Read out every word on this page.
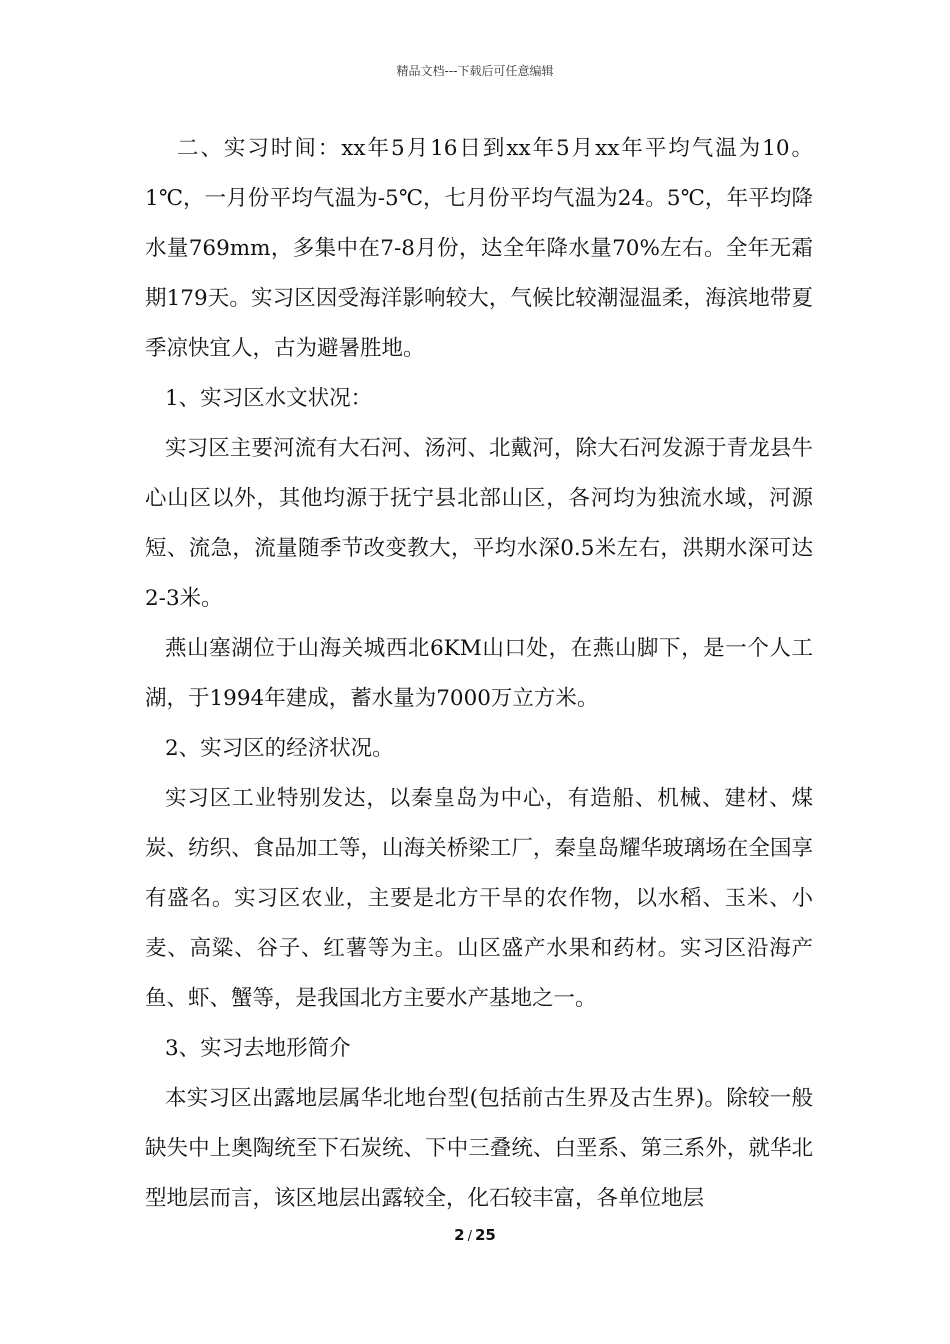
精品文档---下载后可任意编辑

二、实习时间：xx年5月16日到xx年5月xx年平均气温为10。1℃，一月份平均气温为-5℃，七月份平均气温为24。5℃，年平均降水量769mm，多集中在7-8月份，达全年降水量70%左右。全年无霜期179天。实习区因受海洋影响较大，气候比较潮湿温柔，海滨地带夏季凉快宜人，古为避暑胜地。

1、实习区水文状况：

实习区主要河流有大石河、汤河、北戴河，除大石河发源于青龙县牛心山区以外，其他均源于抚宁县北部山区，各河均为独流水域，河源短、流急，流量随季节改变教大，平均水深0.5米左右，洪期水深可达2-3米。

燕山塞湖位于山海关城西北6KM山口处，在燕山脚下，是一个人工湖，于1994年建成，蓄水量为7000万立方米。

2、实习区的经济状况。

实习区工业特别发达，以秦皇岛为中心，有造船、机械、建材、煤炭、纺织、食品加工等，山海关桥梁工厂，秦皇岛耀华玻璃场在全国享有盛名。实习区农业，主要是北方干旱的农作物，以水稻、玉米、小麦、高粱、谷子、红薯等为主。山区盛产水果和药材。实习区沿海产鱼、虾、蟹等，是我国北方主要水产基地之一。

3、实习去地形简介

本实习区出露地层属华北地台型(包括前古生界及古生界)。除较一般缺失中上奥陶统至下石炭统、下中三叠统、白垩系、第三系外，就华北型地层而言，该区地层出露较全，化石较丰富，各单位地层

2 / 25
